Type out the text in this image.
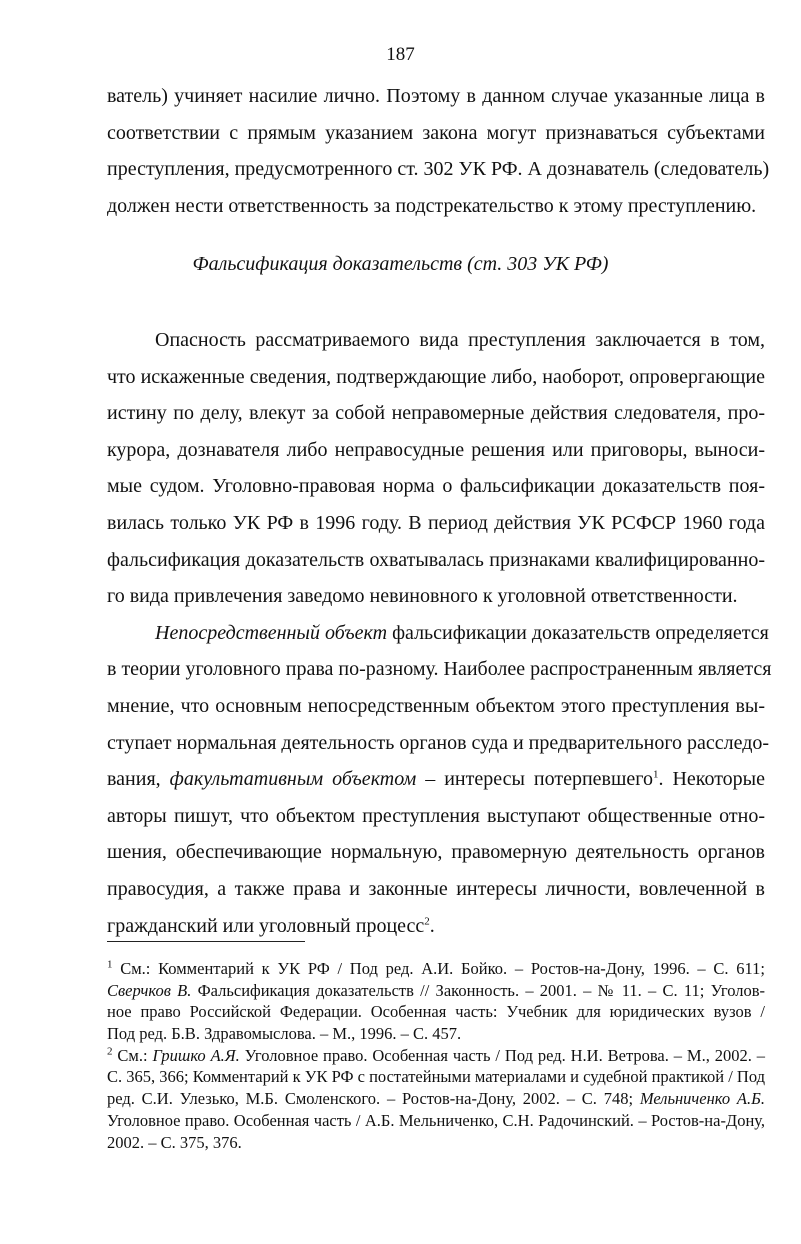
187
ватель) учиняет насилие лично. Поэтому в данном случае указанные лица в
соответствии с прямым указанием закона могут признаваться субъектами
преступления, предусмотренного ст. 302 УК РФ. А дознаватель (следователь)
должен нести ответственность за подстрекательство к этому преступлению.
Фальсификация доказательств (ст. 303 УК РФ)
Опасность рассматриваемого вида преступления заключается в том,
что искаженные сведения, подтверждающие либо, наоборот, опровергающие
истину по делу, влекут за собой неправомерные действия следователя, про-
курора, дознавателя либо неправосудные решения или приговоры, выноси-
мые судом. Уголовно-правовая норма о фальсификации доказательств поя-
вилась только УК РФ в 1996 году. В период действия УК РСФСР 1960 года
фальсификация доказательств охватывалась признаками квалифицированно-
го вида привлечения заведомо невиновного к уголовной ответственности.
Непосредственный объект фальсификации доказательств определяется
в теории уголовного права по-разному. Наиболее распространенным является
мнение, что основным непосредственным объектом этого преступления вы-
ступает нормальная деятельность органов суда и предварительного расследо-
вания, факультативным объектом – интересы потерпевшего$^1$. Некоторые
авторы пишут, что объектом преступления выступают общественные отно-
шения, обеспечивающие нормальную, правомерную деятельность органов
правосудия, а также права и законные интересы личности, вовлеченной в
гражданский или уголовный процесс$^2$.
$^1$ См.: Комментарий к УК РФ / Под ред. А.И. Бойко. – Ростов-на-Дону, 1996. – С. 611;
Сверчков В. Фальсификация доказательств // Законность. – 2001. – № 11. – С. 11; Уголов-
ное право Российской Федерации. Особенная часть: Учебник для юридических вузов /
Под ред. Б.В. Здравомыслова. – М., 1996. – С. 457.
$^2$ См.: Гришко А.Я. Уголовное право. Особенная часть / Под ред. Н.И. Ветрова. – М., 2002. –
С. 365, 366; Комментарий к УК РФ с постатейными материалами и судебной практикой / Под
ред. С.И. Улезько, М.Б. Смоленского. – Ростов-на-Дону, 2002. – С. 748; Мельниченко А.Б.
Уголовное право. Особенная часть / А.Б. Мельниченко, С.Н. Радочинский. – Ростов-на-Дону,
2002. – С. 375, 376.
